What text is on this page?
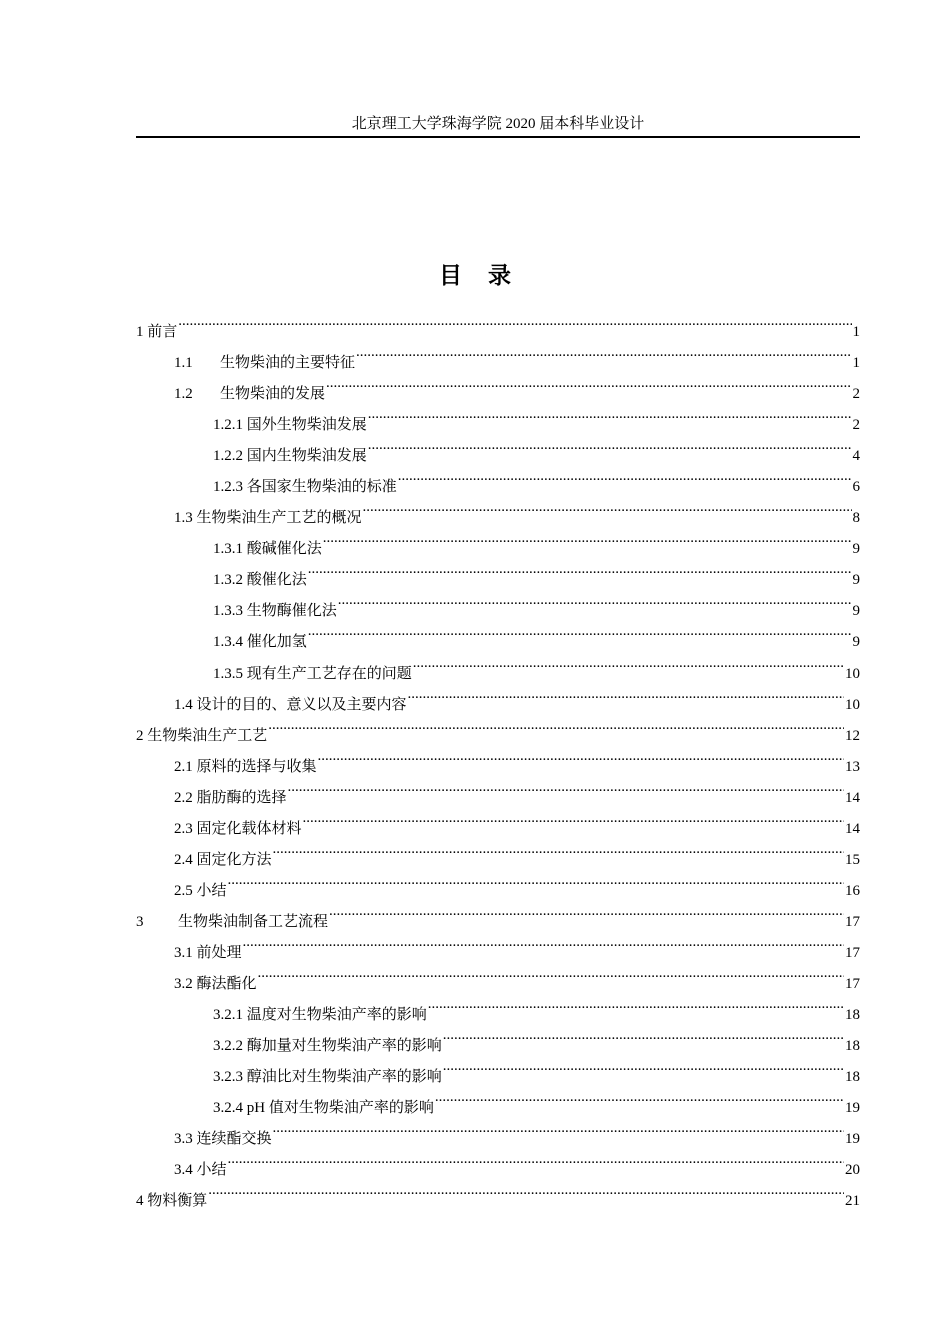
北京理工大学珠海学院 2020 届本科毕业设计
目 录
1 前言 .....	1
1.1 生物柴油的主要特征 .....	1
1.2 生物柴油的发展 .....	2
1.2.1 国外生物柴油发展 .....	2
1.2.2 国内生物柴油发展 .....	4
1.2.3 各国家生物柴油的标准 .....	6
1.3 生物柴油生产工艺的概况 .....	8
1.3.1 酸碱催化法 .....	9
1.3.2 酸催化法 .....	9
1.3.3 生物酶催化法 .....	9
1.3.4 催化加氢 .....	9
1.3.5 现有生产工艺存在的问题 .....	10
1.4 设计的目的、意义以及主要内容 .....	10
2 生物柴油生产工艺 .....	12
2.1 原料的选择与收集 .....	13
2.2 脂肪酶的选择 .....	14
2.3 固定化载体材料 .....	14
2.4 固定化方法 .....	15
2.5 小结 .....	16
3 生物柴油制备工艺流程 .....	17
3.1 前处理 .....	17
3.2 酶法酯化 .....	17
3.2.1 温度对生物柴油产率的影响 .....	18
3.2.2 酶加量对生物柴油产率的影响 .....	18
3.2.3 醇油比对生物柴油产率的影响 .....	18
3.2.4 pH 值对生物柴油产率的影响 .....	19
3.3 连续酯交换 .....	19
3.4 小结 .....	20
4 物料衡算 .....	21
